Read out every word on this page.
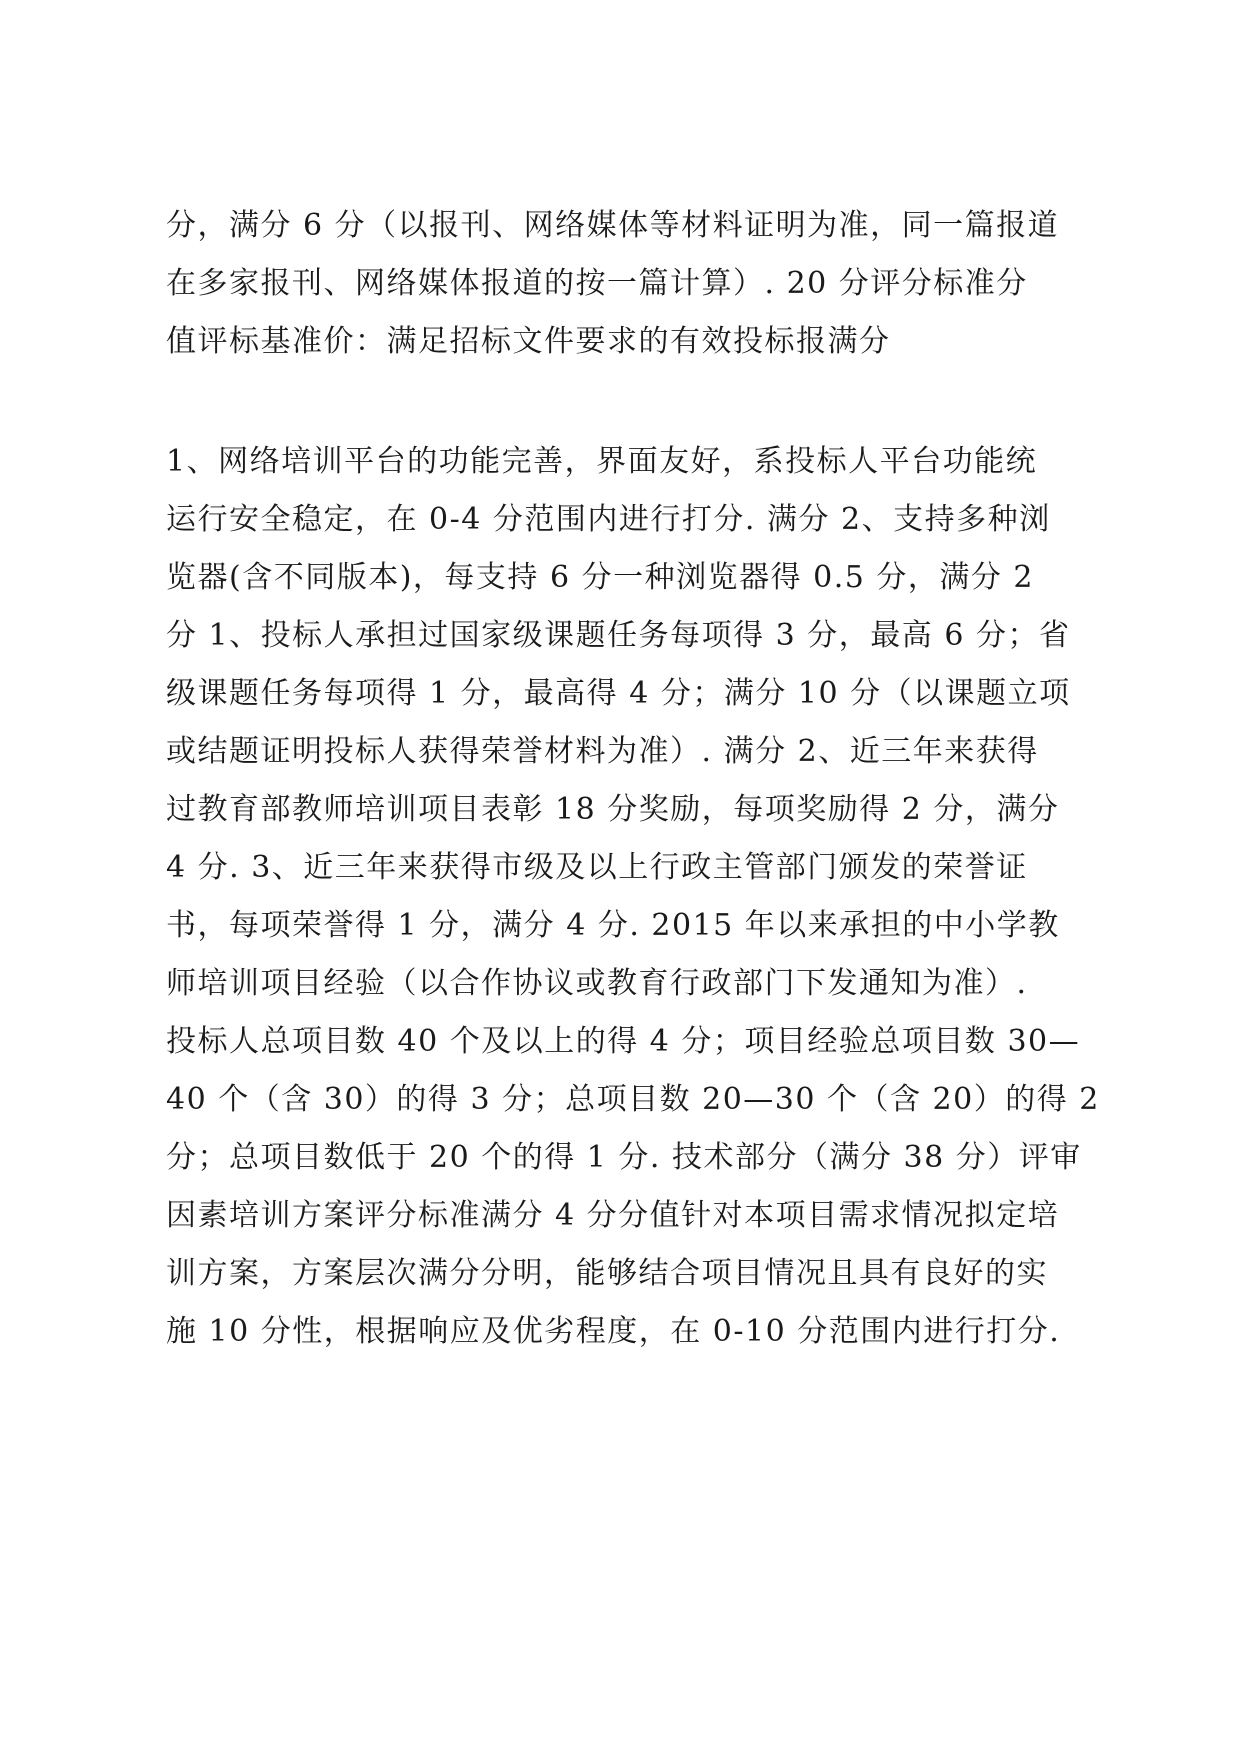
分，满分 6 分（以报刊、网络媒体等材料证明为准，同一篇报道
在多家报刊、网络媒体报道的按一篇计算）. 20 分评分标准分
值评标基准价：满足招标文件要求的有效投标报满分
1、网络培训平台的功能完善，界面友好，系投标人平台功能统
运行安全稳定，在 0-4 分范围内进行打分. 满分 2、支持多种浏
览器(含不同版本)，每支持 6 分一种浏览器得 0.5 分，满分 2
分 1、投标人承担过国家级课题任务每项得 3 分，最高 6 分；省
级课题任务每项得 1 分，最高得 4 分；满分 10 分（以课题立项
或结题证明投标人获得荣誉材料为准）. 满分 2、近三年来获得
过教育部教师培训项目表彰 18 分奖励，每项奖励得 2 分，满分
4 分. 3、近三年来获得市级及以上行政主管部门颁发的荣誉证
书，每项荣誉得 1 分，满分 4 分. 2015 年以来承担的中小学教
师培训项目经验（以合作协议或教育行政部门下发通知为准）.
投标人总项目数 40 个及以上的得 4 分；项目经验总项目数 30—
40 个（含 30）的得 3 分；总项目数 20—30 个（含 20）的得 2
分；总项目数低于 20 个的得 1 分. 技术部分（满分 38 分）评审
因素培训方案评分标准满分 4 分分值针对本项目需求情况拟定培
训方案，方案层次满分分明，能够结合项目情况且具有良好的实
施 10 分性，根据响应及优劣程度，在 0-10 分范围内进行打分.
